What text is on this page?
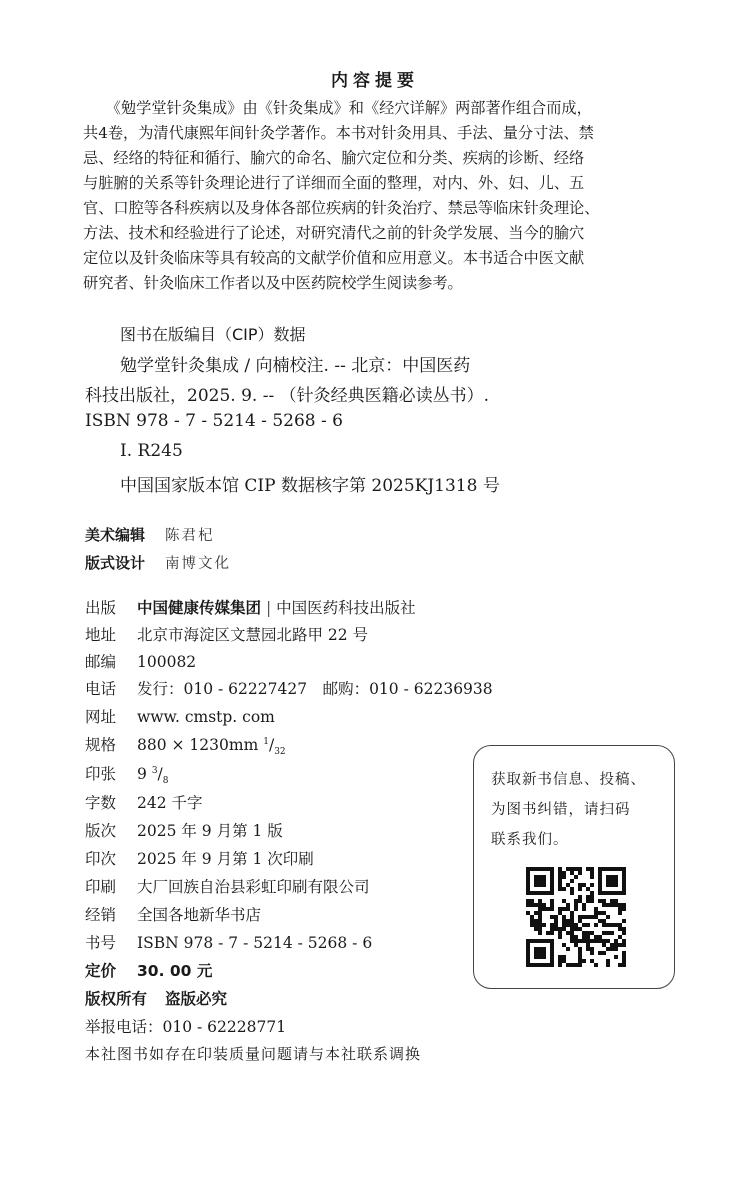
内容提要
　　《勉学堂针灸集成》由《针灸集成》和《经穴详解》两部著作组合而成，
共4卷，为清代康熙年间针灸学著作。本书对针灸用具、手法、量分寸法、禁
忌、经络的特征和循行、腧穴的命名、腧穴定位和分类、疾病的诊断、经络
与脏腑的关系等针灸理论进行了详细而全面的整理，对内、外、妇、儿、五
官、口腔等各科疾病以及身体各部位疾病的针灸治疗、禁忌等临床针灸理论、
方法、技术和经验进行了论述，对研究清代之前的针灸学发展、当今的腧穴
定位以及针灸临床等具有较高的文献学价值和应用意义。本书适合中医文献
研究者、针灸临床工作者以及中医药院校学生阅读参考。
图书在版编目（CIP）数据
勉学堂针灸集成 / 向楠校注. -- 北京：中国医药
科技出版社，2025. 9. -- （针灸经典医籍必读丛书）.
ISBN 978 - 7 - 5214 - 5268 - 6
Ⅰ. R245
中国国家版本馆 CIP 数据核字第 2025KJ1318 号
美术编辑 陈君杞
版式设计 南博文化
出版 中国健康传媒集团 | 中国医药科技出版社
地址 北京市海淀区文慧园北路甲 22 号
邮编 100082
电话 发行：010 - 62227427　邮购：010 - 62236938
网址 www. cmstp. com
规格 880 × 1230mm $^1/_{32}$
印张 9 $^3/_8$
字数 242 千字
版次 2025 年 9 月第 1 版
印次 2025 年 9 月第 1 次印刷
印刷 大厂回族自治县彩虹印刷有限公司
经销 全国各地新华书店
书号 ISBN 978 - 7 - 5214 - 5268 - 6
定价 30. 00 元
版权所有 盗版必究
举报电话：010 - 62228771
本社图书如存在印装质量问题请与本社联系调换
获取新书信息、投稿、
为图书纠错，请扫码
联系我们。
